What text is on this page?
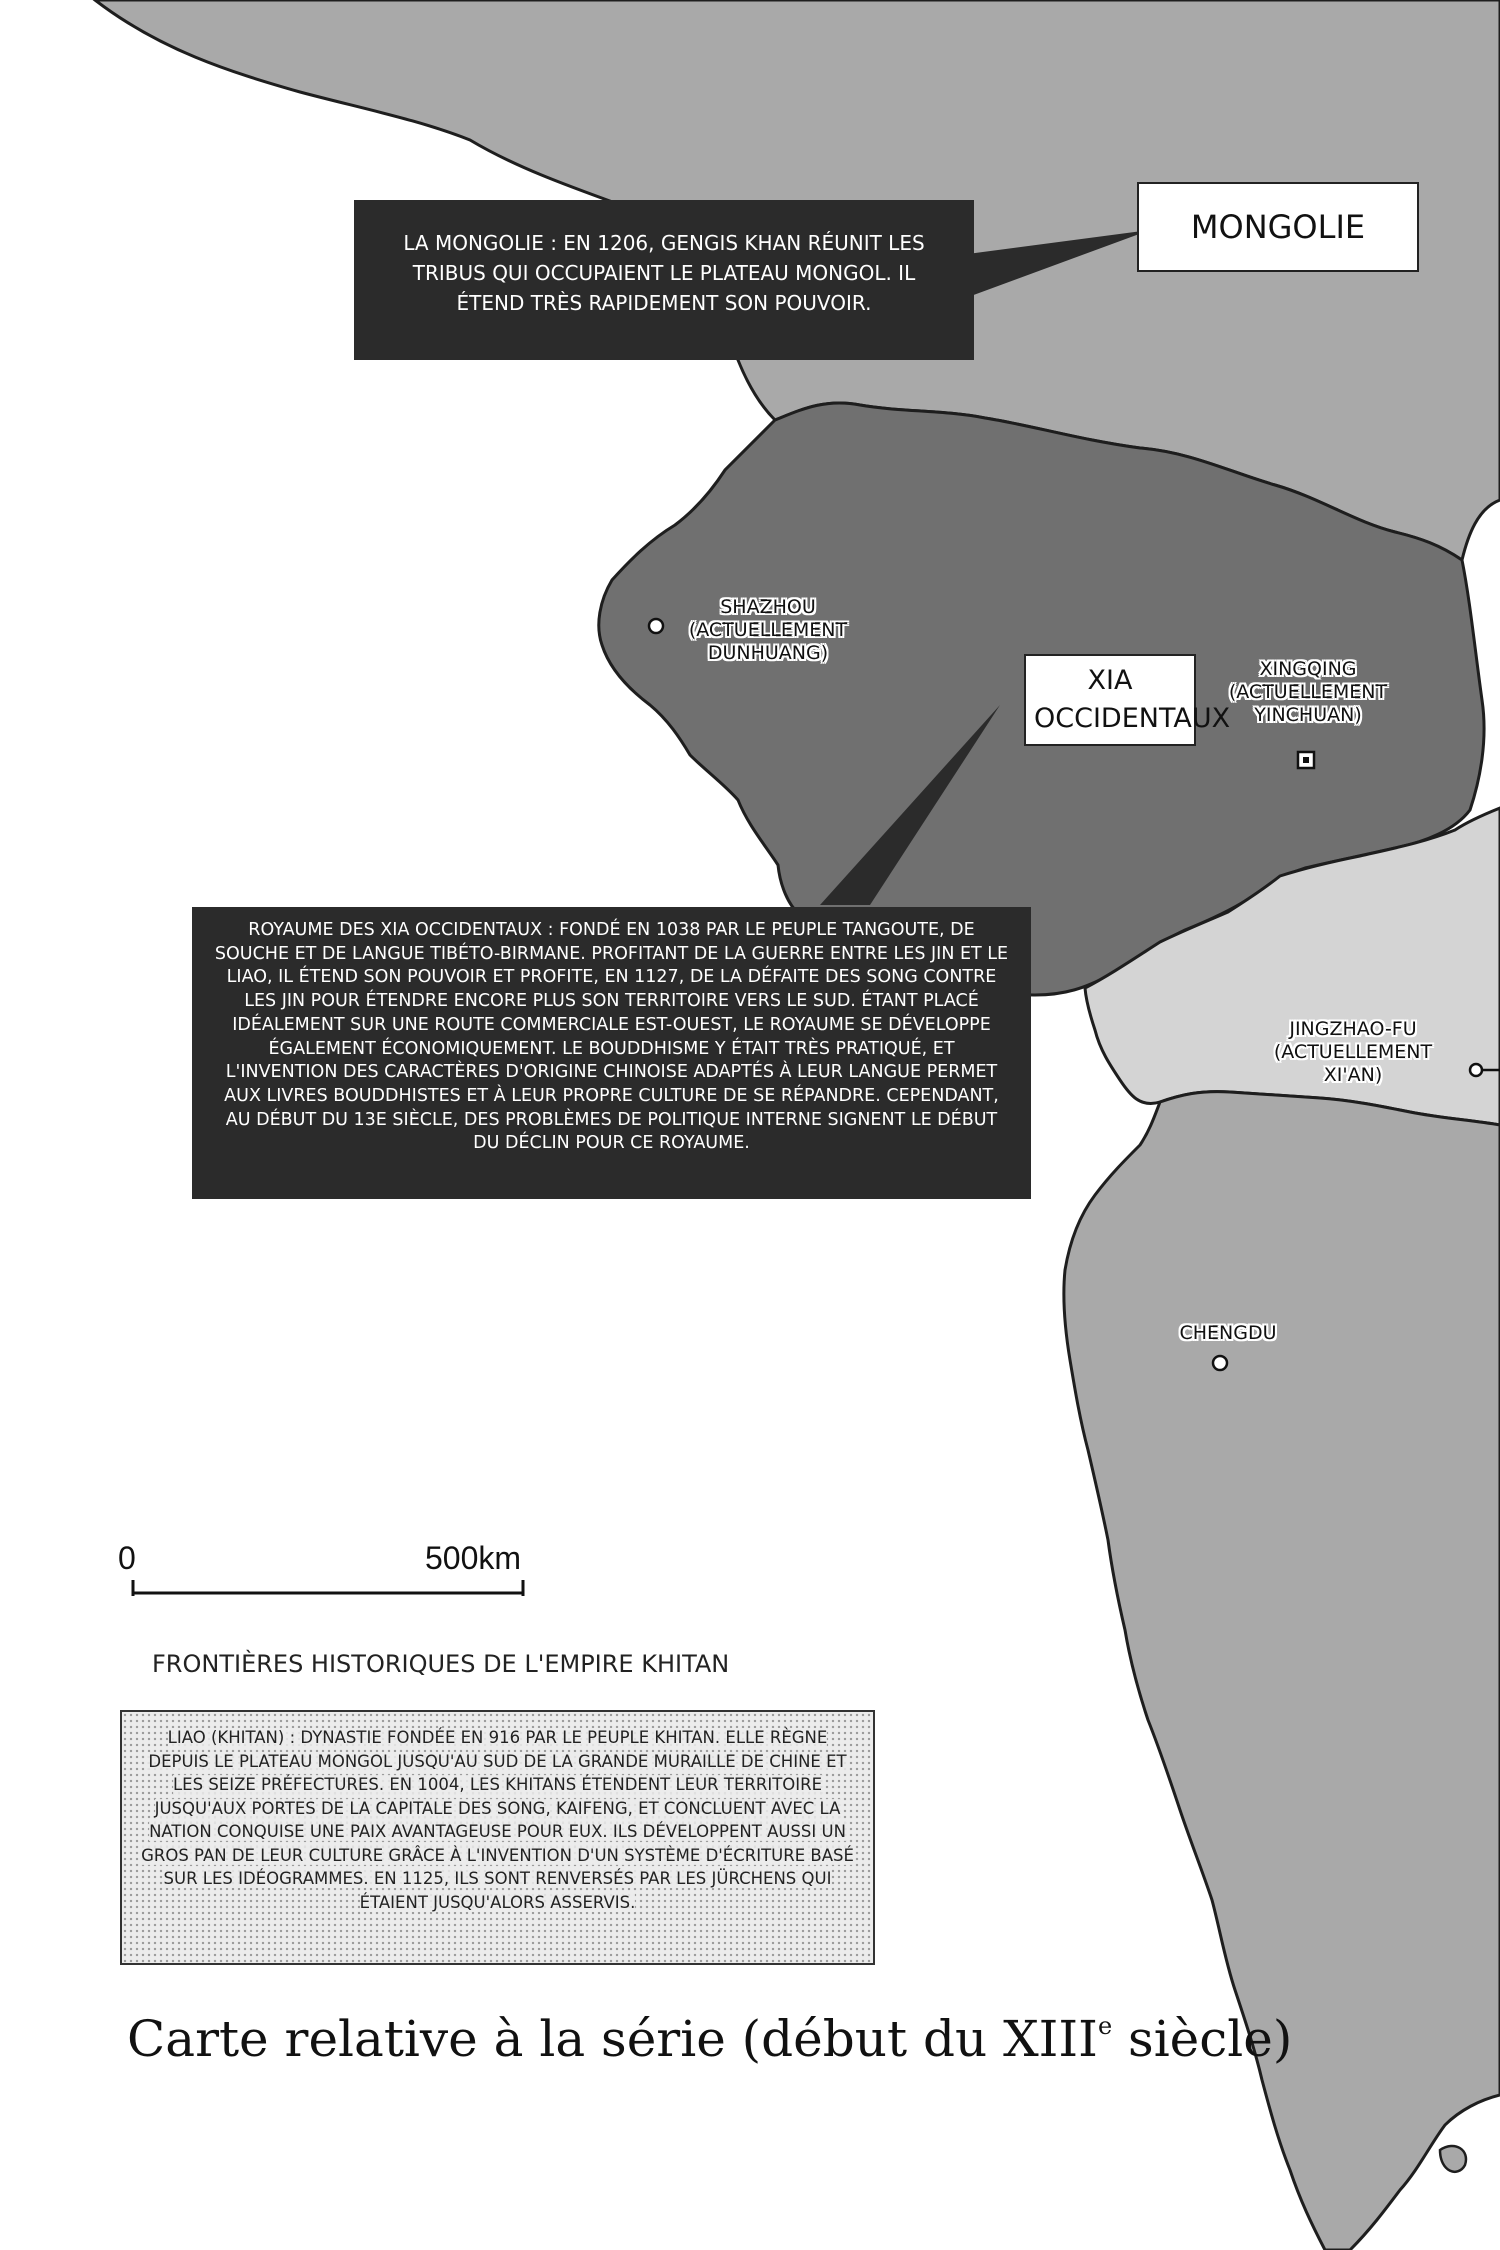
MONGOLIE
LA MONGOLIE : EN 1206, GENGIS KHAN RÉUNIT LES TRIBUS QUI OCCUPAIENT LE PLATEAU MONGOL. IL ÉTEND TRÈS RAPIDEMENT SON POUVOIR.
XIA OCCIDENTAUX
SHAZHOU (ACTUELLEMENT DUNHUANG)
XINGQING (ACTUELLEMENT YINCHUAN)
JINGZHAO-FU (ACTUELLEMENT XI'AN)
CHENGDU
ROYAUME DES XIA OCCIDENTAUX : FONDÉ EN 1038 PAR LE PEUPLE TANGOUTE, DE SOUCHE ET DE LANGUE TIBÉTO-BIRMANE. PROFITANT DE LA GUERRE ENTRE LES JIN ET LE LIAO, IL ÉTEND SON POUVOIR ET PROFITE, EN 1127, DE LA DÉFAITE DES SONG CONTRE LES JIN POUR ÉTENDRE ENCORE PLUS SON TERRITOIRE VERS LE SUD. ÉTANT PLACÉ IDÉALEMENT SUR UNE ROUTE COMMERCIALE EST-OUEST, LE ROYAUME SE DÉVELOPPE ÉGALEMENT ÉCONOMIQUEMENT. LE BOUDDHISME Y ÉTAIT TRÈS PRATIQUÉ, ET L'INVENTION DES CARACTÈRES D'ORIGINE CHINOISE ADAPTÉS À LEUR LANGUE PERMET AUX LIVRES BOUDDHISTES ET À LEUR PROPRE CULTURE DE SE RÉPANDRE. CEPENDANT, AU DÉBUT DU 13E SIÈCLE, DES PROBLÈMES DE POLITIQUE INTERNE SIGNENT LE DÉBUT DU DÉCLIN POUR CE ROYAUME.
0	500km
FRONTIÈRES HISTORIQUES DE L'EMPIRE KHITAN
LIAO (KHITAN) : DYNASTIE FONDÉE EN 916 PAR LE PEUPLE KHITAN. ELLE RÈGNE DEPUIS LE PLATEAU MONGOL JUSQU'AU SUD DE LA GRANDE MURAILLE DE CHINE ET LES SEIZE PRÉFECTURES. EN 1004, LES KHITANS ÉTENDENT LEUR TERRITOIRE JUSQU'AUX PORTES DE LA CAPITALE DES SONG, KAIFENG, ET CONCLUENT AVEC LA NATION CONQUISE UNE PAIX AVANTAGEUSE POUR EUX. ILS DÉVELOPPENT AUSSI UN GROS PAN DE LEUR CULTURE GRÂCE À L'INVENTION D'UN SYSTÈME D'ÉCRITURE BASÉ SUR LES IDÉOGRAMMES. EN 1125, ILS SONT RENVERSÉS PAR LES JÜRCHENS QUI ÉTAIENT JUSQU'ALORS ASSERVIS.
Carte relative à la série (début du XIIIe siècle)
